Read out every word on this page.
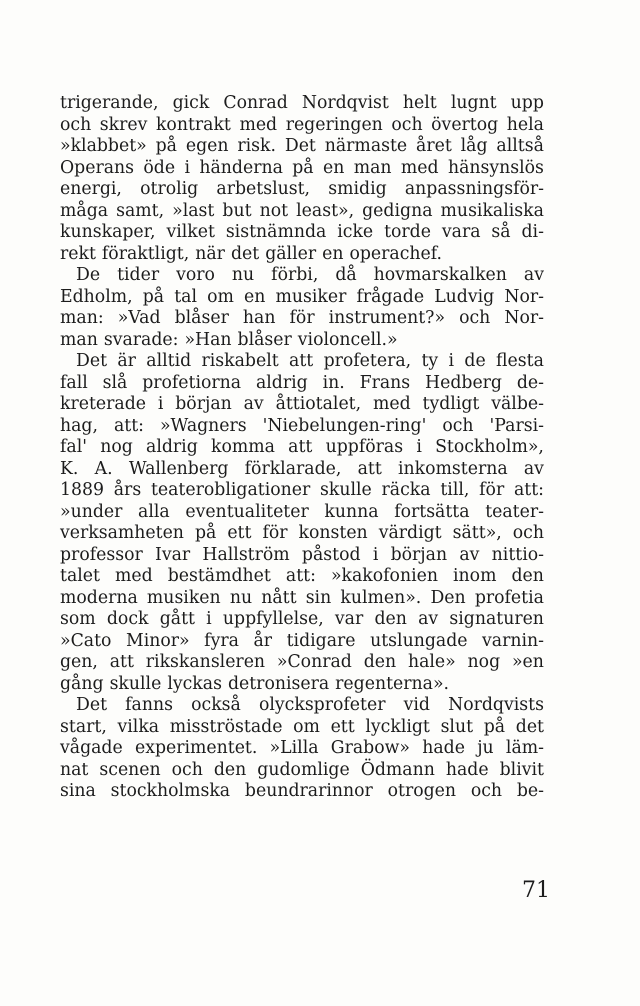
trigerande, gick Conrad Nordqvist helt lugnt upp
och skrev kontrakt med regeringen och övertog hela
»klabbet» på egen risk. Det närmaste året låg alltså
Operans öde i händerna på en man med hänsynslös
energi, otrolig arbetslust, smidig anpassningsför-
måga samt, »last but not least», gedigna musikaliska
kunskaper, vilket sistnämnda icke torde vara så di-
rekt föraktligt, när det gäller en operachef.
De tider voro nu förbi, då hovmarskalken av
Edholm, på tal om en musiker frågade Ludvig Nor-
man: »Vad blåser han för instrument?» och Nor-
man svarade: »Han blåser violoncell.»
Det är alltid riskabelt att profetera, ty i de flesta
fall slå profetiorna aldrig in. Frans Hedberg de-
kreterade i början av åttiotalet, med tydligt välbe-
hag, att: »Wagners 'Niebelungen-ring' och 'Parsi-
fal' nog aldrig komma att uppföras i Stockholm»,
K. A. Wallenberg förklarade, att inkomsterna av
1889 års teaterobligationer skulle räcka till, för att:
»under alla eventualiteter kunna fortsätta teater-
verksamheten på ett för konsten värdigt sätt», och
professor Ivar Hallström påstod i början av nittio-
talet med bestämdhet att: »kakofonien inom den
moderna musiken nu nått sin kulmen». Den profetia
som dock gått i uppfyllelse, var den av signaturen
»Cato Minor» fyra år tidigare utslungade varnin-
gen, att rikskansleren »Conrad den hale» nog »en
gång skulle lyckas detronisera regenterna».
Det fanns också olycksprofeter vid Nordqvists
start, vilka misströstade om ett lyckligt slut på det
vågade experimentet. »Lilla Grabow» hade ju läm-
nat scenen och den gudomlige Ödmann hade blivit
sina stockholmska beundrarinnor otrogen och be-
71
